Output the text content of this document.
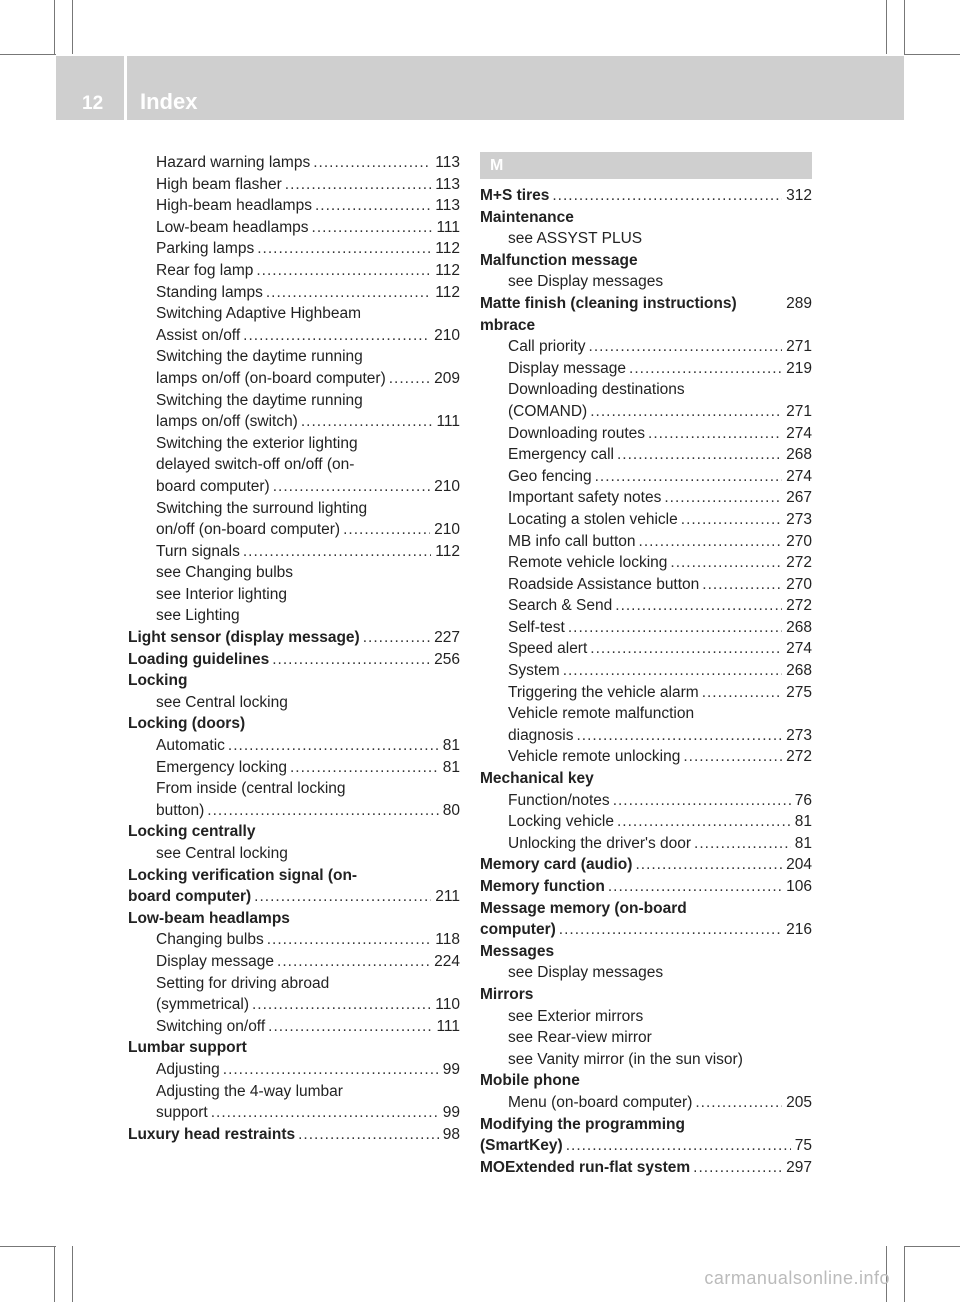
12 Index
Hazard warning lamps .....	113
High beam flasher .....	113
High-beam headlamps .....	113
Low-beam headlamps .....	111
Parking lamps .....	112
Rear fog lamp .....	112
Standing lamps .....	112
Switching Adaptive Highbeam
Assist on/off .....	210
Switching the daytime running
lamps on/off (on-board computer) .....	209
Switching the daytime running
lamps on/off (switch) .....	111
Switching the exterior lighting
delayed switch-off on/off (on-
board computer) .....	210
Switching the surround lighting
on/off (on-board computer) .....	210
Turn signals .....	112
see Changing bulbs
see Interior lighting
see Lighting
Light sensor (display message) .....	227
Loading guidelines .....	256
Locking
see Central locking
Locking (doors)
Automatic .....	81
Emergency locking .....	81
From inside (central locking
button) .....	80
Locking centrally
see Central locking
Locking verification signal (on-
board computer) .....	211
Low-beam headlamps
Changing bulbs .....	118
Display message .....	224
Setting for driving abroad
(symmetrical) .....	110
Switching on/off .....	111
Lumbar support
Adjusting .....	99
Adjusting the 4-way lumbar
support .....	99
Luxury head restraints .....	98
M
M+S tires .....	312
Maintenance
see ASSYST PLUS
Malfunction message
see Display messages
Matte finish (cleaning instructions)	289
mbrace
Call priority .....	271
Display message .....	219
Downloading destinations
(COMAND) .....	271
Downloading routes .....	274
Emergency call .....	268
Geo fencing .....	274
Important safety notes .....	267
Locating a stolen vehicle .....	273
MB info call button .....	270
Remote vehicle locking .....	272
Roadside Assistance button .....	270
Search & Send .....	272
Self-test .....	268
Speed alert .....	274
System .....	268
Triggering the vehicle alarm .....	275
Vehicle remote malfunction
diagnosis .....	273
Vehicle remote unlocking .....	272
Mechanical key
Function/notes .....	76
Locking vehicle .....	81
Unlocking the driver's door .....	81
Memory card (audio) .....	204
Memory function .....	106
Message memory (on-board
computer) .....	216
Messages
see Display messages
Mirrors
see Exterior mirrors
see Rear-view mirror
see Vanity mirror (in the sun visor)
Mobile phone
Menu (on-board computer) .....	205
Modifying the programming
(SmartKey) .....	75
MOExtended run-flat system .....	297
carmanualsonline.info
